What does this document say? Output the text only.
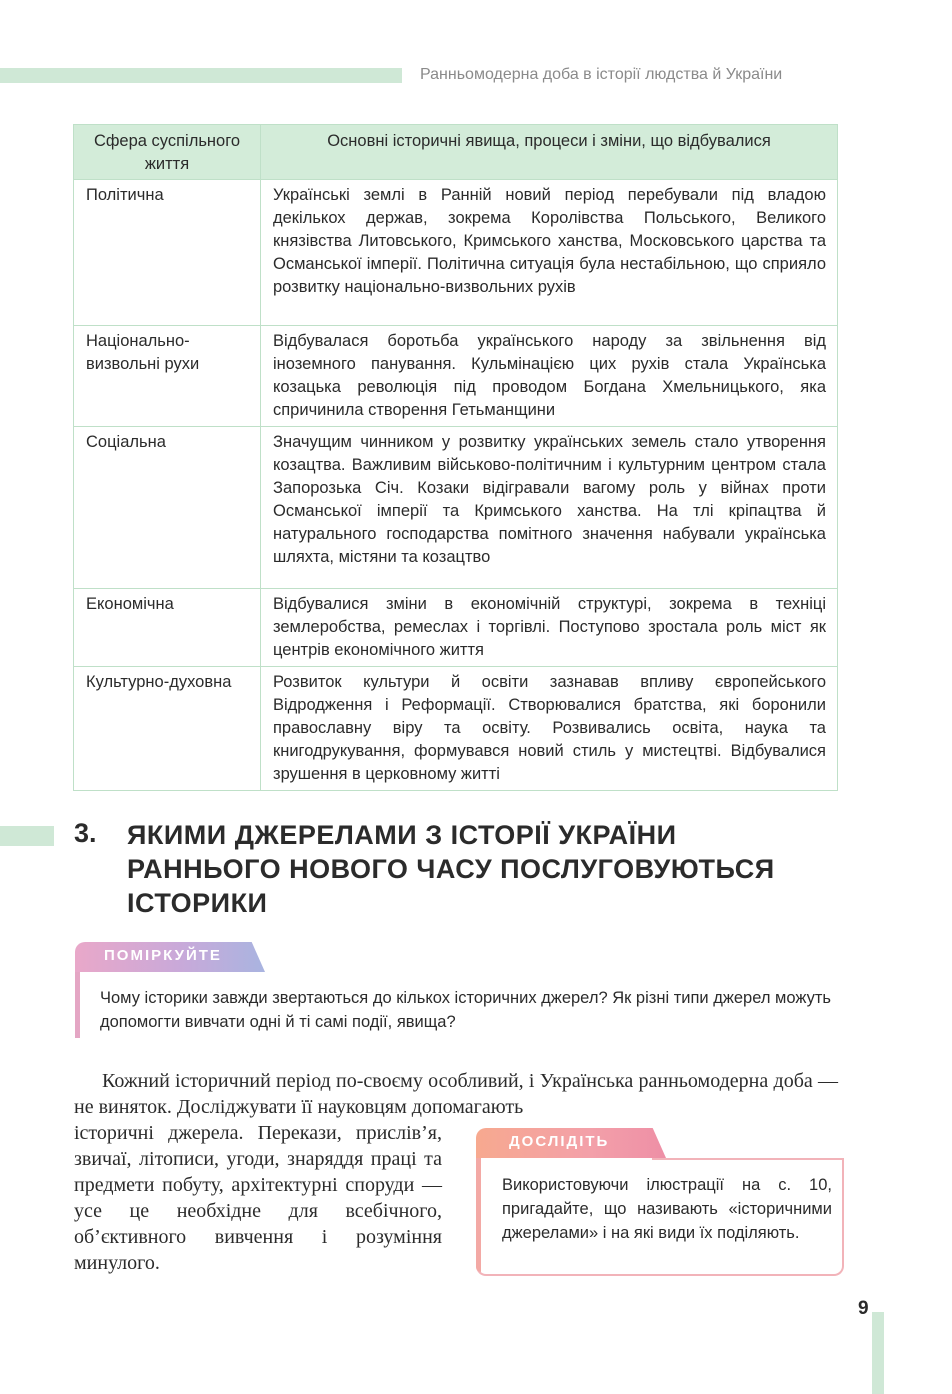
Ранньомодерна доба в історії людства й України
Сфера суспільного життя	Основні історичні явища, процеси і зміни, що відбувалися
Політична	Українські землі в Ранній новий період перебували під владою декількох держав, зокрема Королівства Польського, Великого князівства Литовського, Кримського ханства, Московського царства та Османської імперії. Політична ситуація була нестабільною, що сприяло розвитку національно-визвольних рухів
Національно-визвольні рухи	Відбувалася боротьба українського народу за звільнення від іноземного панування. Кульмінацією цих рухів стала Українська козацька революція під проводом Богдана Хмельницького, яка спричинила створення Гетьманщини
Соціальна	Значущим чинником у розвитку українських земель стало утворення козацтва. Важливим військово-політичним і культурним центром стала Запорозька Січ. Козаки відігравали вагому роль у війнах проти Османської імперії та Кримського ханства. На тлі кріпацтва й натурального господарства помітного значення набували українська шляхта, містяни та козацтво
Економічна	Відбувалися зміни в економічній структурі, зокрема в техніці землеробства, ремеслах і торгівлі. Поступово зростала роль міст як центрів економічного життя
Культурно-духовна	Розвиток культури й освіти зазнавав впливу європейського Відродження і Реформації. Створювалися братства, які боронили православну віру та освіту. Розвивались освіта, наука та книгодрукування, формувався новий стиль у мистецтві. Відбувалися зрушення в церковному житті
3. ЯКИМИ ДЖЕРЕЛАМИ З ІСТОРІЇ УКРАЇНИ РАННЬОГО НОВОГО ЧАСУ ПОСЛУГОВУЮТЬСЯ ІСТОРИКИ
ПОМІРКУЙТЕ
Чому історики завжди звертаються до кількох історичних джерел? Як різні типи джерел можуть допомогти вивчати одні й ті самі події, явища?
Кожний історичний період по-своєму особливий, і Українська ранньомодерна доба — не виняток. Досліджувати її науковцям допомагають
історичні джерела. Перекази, прислів’я, звичаї, літописи, угоди, знаряддя праці та предмети побуту, архітектурні споруди — усе це необхідне для всебічного, об’єктивного вивчення і розуміння минулого.
ДОСЛІДІТЬ
Використовуючи ілюстрації на с. 10, пригадайте, що називають «історичними джерелами» і на які види їх поділяють.
9
